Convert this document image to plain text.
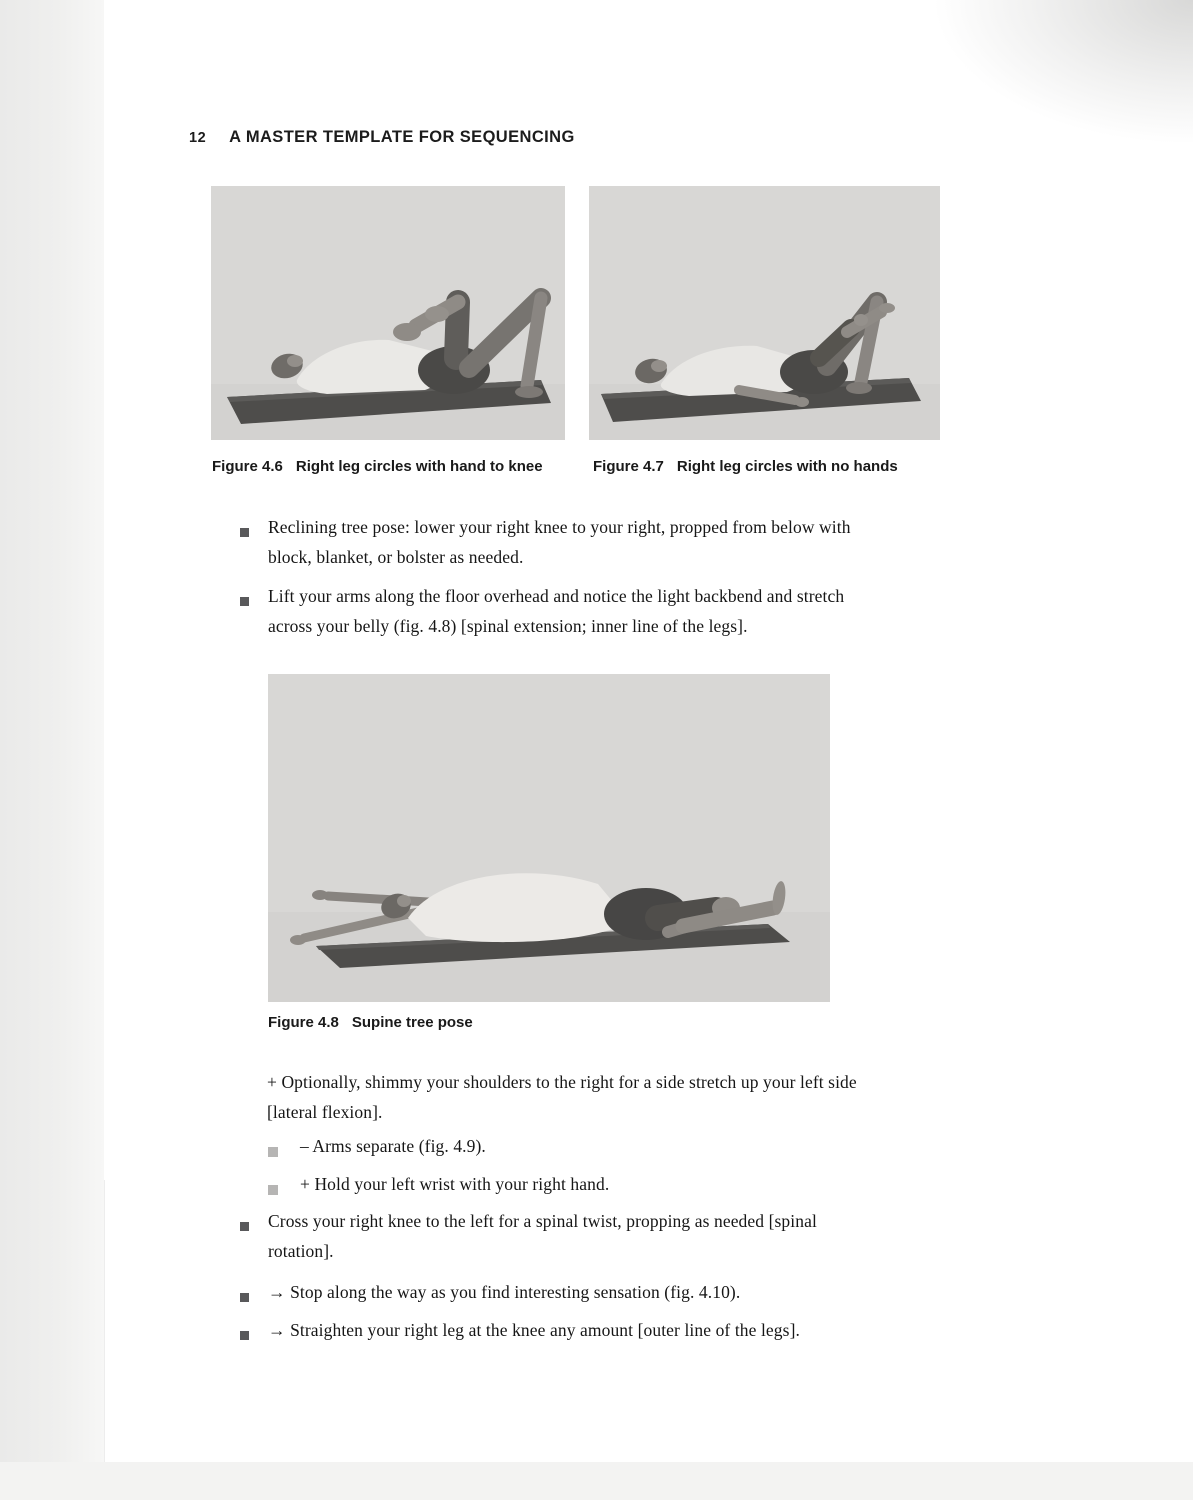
12 A MASTER TEMPLATE FOR SEQUENCING
Figure 4.6 Right leg circles with hand to knee	Figure 4.7 Right leg circles with no hands
Reclining tree pose: lower your right knee to your right, propped from below with
block, blanket, or bolster as needed.
Lift your arms along the floor overhead and notice the light backbend and stretch
across your belly (fig. 4.8) [spinal extension; inner line of the legs].
Figure 4.8 Supine tree pose
+ Optionally, shimmy your shoulders to the right for a side stretch up your left side
[lateral flexion].
– Arms separate (fig. 4.9).
+ Hold your left wrist with your right hand.
Cross your right knee to the left for a spinal twist, propping as needed [spinal
rotation].
→ Stop along the way as you find interesting sensation (fig. 4.10).
→ Straighten your right leg at the knee any amount [outer line of the legs].
